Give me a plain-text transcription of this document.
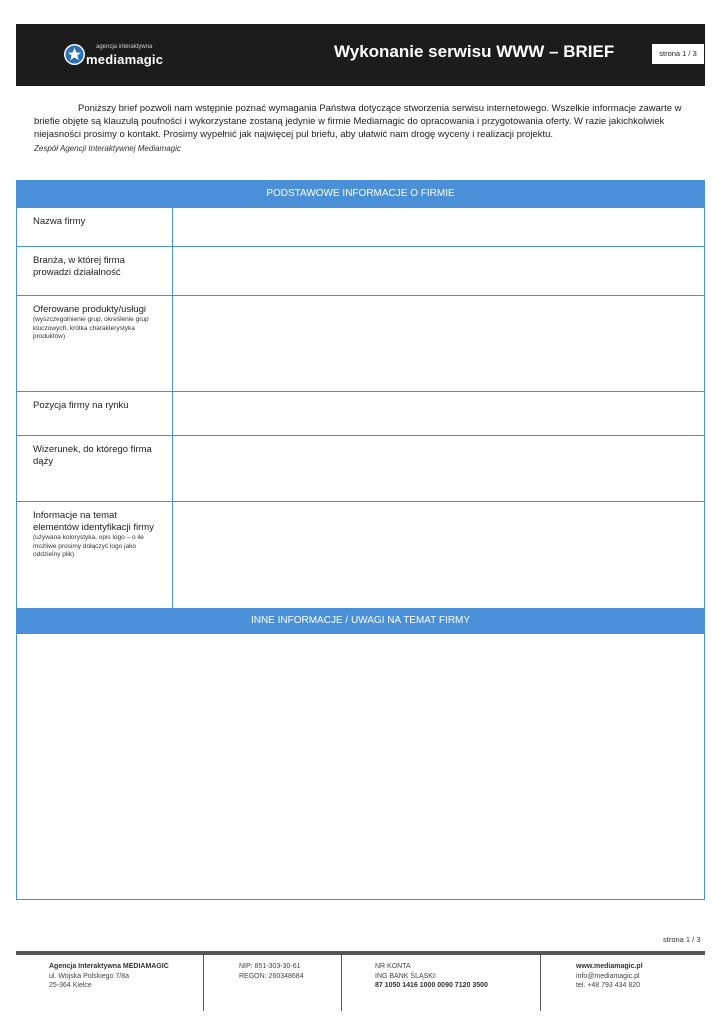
agencja interaktywna
mediamagic	Wykonanie serwisu WWW – BRIEF	strona 1 / 3

Poniższy brief pozwoli nam wstępnie poznać wymagania Państwa dotyczące stworzenia serwisu internetowego. Wszelkie informacje zawarte w briefie objęte są klauzulą poufności i wykorzystane zostaną jedynie w firmie Mediamagic do opracowania i przygotowania oferty. W razie jakichkolwiek niejasności prosimy o kontakt. Prosimy wypełnić jak najwięcej pul briefu, aby ułatwić nam drogę wyceny i realizacji projektu.

Zespół Agencji Interaktywnej Mediamagic
PODSTAWOWE INFORMACJE O FIRMIE
Nazwa firmy
Branża, w której firma prowadzi działalność
Oferowane produkty/usługi
(wyszczególnienie grup, określenie grup kluczowych, krótka charakterystyka produktów)
Pozycja firmy na rynku
Wizerunek, do którego firma dąży
Informacje na temat elementów identyfikacji firmy
(używana kolorystyka, opis logo – o ile możliwe prosimy dołączyć logo jako oddzielny plik)
INNE INFORMACJE / UWAGI NA TEMAT FIRMY
strona 1 / 3
Agencja Interaktywna MEDIAMAGIC
ul. Wojska Polskiego 7/8a
25-364 Kielce
NIP: 851-303-30-61
REGON: 260348684
NR KONTA
ING BANK ŚLĄSKI:
87 1050 1416 1000 0090 7120 3500
www.mediamagic.pl
info@mediamagic.pl
tel. +48 793 434 820
